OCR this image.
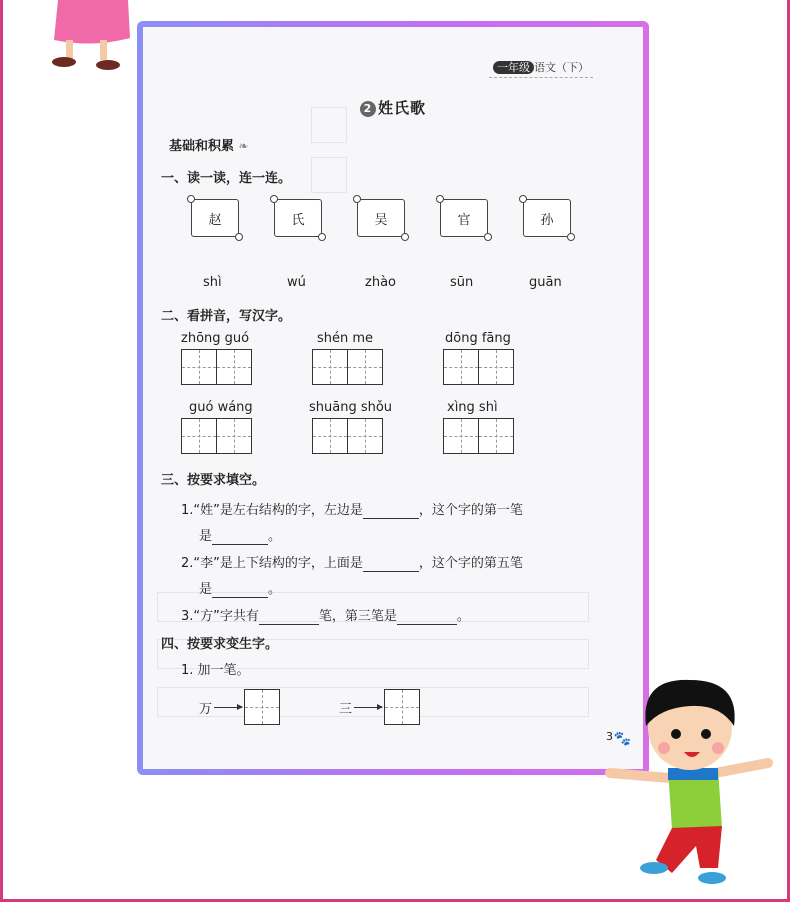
一年级 语文（下）
2 姓氏歌
基础和积累 ❧
一、读一读，连一连。
赵	氏	吴	官	孙
shì	wú	zhào	sūn	guān
二、看拼音，写汉字。
zhōng guó	shén me	dōng fāng
guó wáng	shuāng shǒu	xìng shì
三、按要求填空。
1.“姓”是左右结构的字，左边是	，这个字的第一笔
是	。
2.“李”是上下结构的字，上面是	，这个字的第五笔
是	。
3.“方”字共有	笔，第三笔是	。
四、按要求变生字。
1. 加一笔。
万	三
3 🐾
